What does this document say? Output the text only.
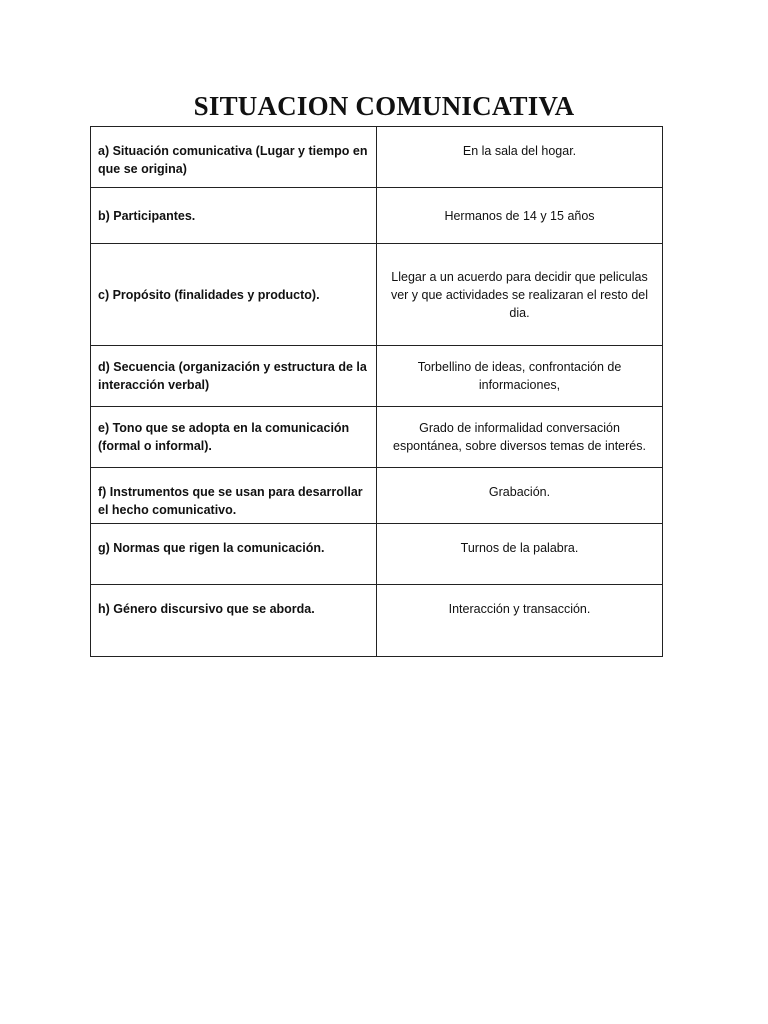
SITUACION COMUNICATIVA
a) Situación comunicativa (Lugar y tiempo en que se origina)	En la sala del hogar.
b) Participantes.	Hermanos de 14 y 15 años
c) Propósito (finalidades y producto).	Llegar a un acuerdo para decidir que peliculas ver y que actividades se realizaran el resto del dia.
d) Secuencia (organización y estructura de la interacción verbal)	Torbellino de ideas, confrontación de informaciones,
e) Tono que se adopta en la comunicación (formal o informal).	Grado de informalidad conversación espontánea, sobre diversos temas de interés.
f) Instrumentos que se usan para desarrollar el hecho comunicativo.	Grabación.
g) Normas que rigen la comunicación.	Turnos de la palabra.
h) Género discursivo que se aborda.	Interacción y transacción.
